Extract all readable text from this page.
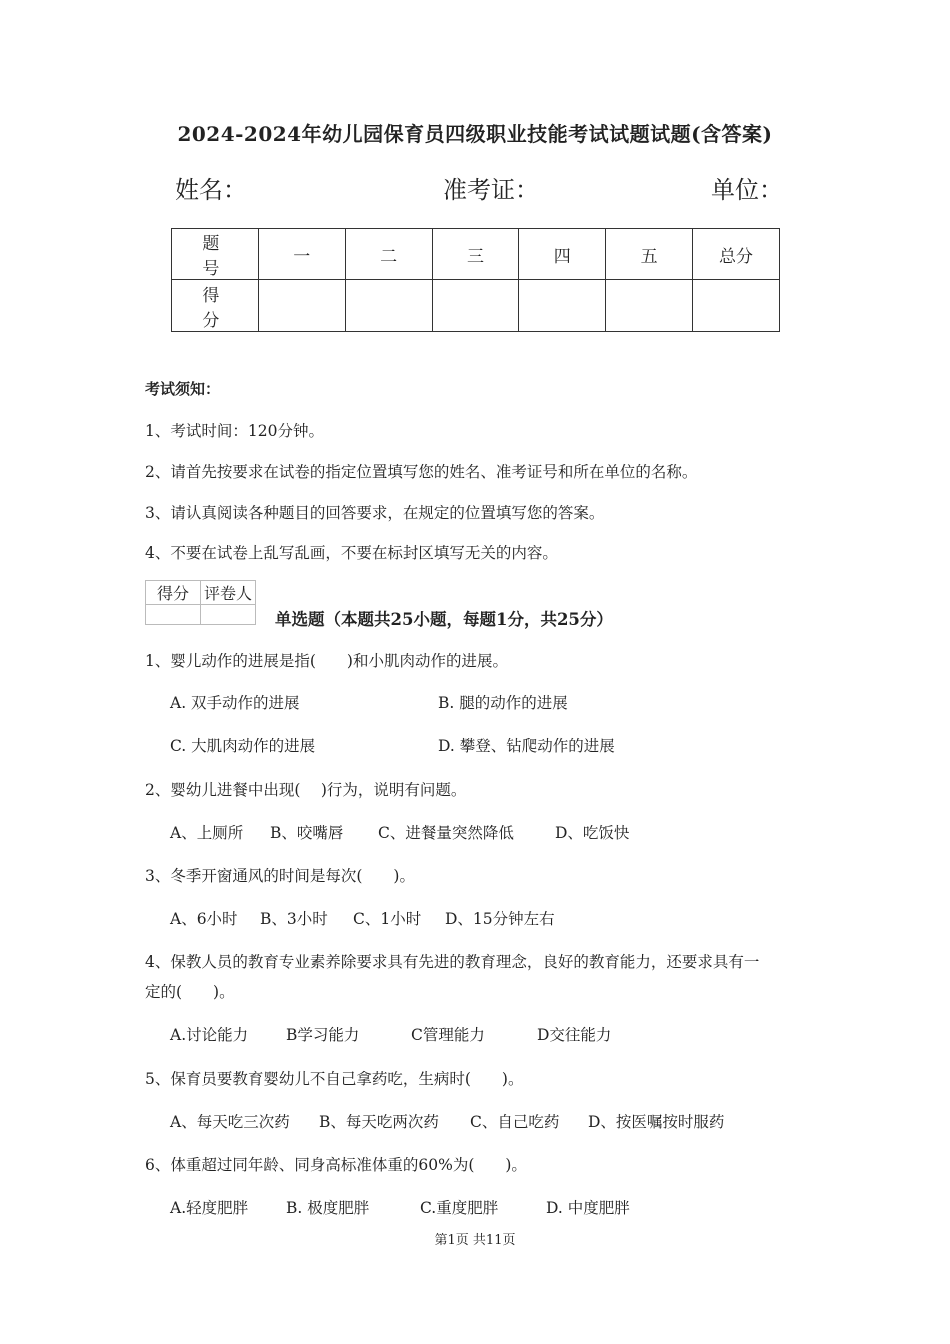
2024-2024年幼儿园保育员四级职业技能考试试题试题(含答案)
姓名：	准考证：	单位：
题 号	一	二	三	四	五	总分
得 分						
考试须知：
1、考试时间：120分钟。
2、请首先按要求在试卷的指定位置填写您的姓名、准考证号和所在单位的名称。
3、请认真阅读各种题目的回答要求，在规定的位置填写您的答案。
4、不要在试卷上乱写乱画，不要在标封区填写无关的内容。
得分	评卷人

单选题（本题共25小题，每题1分，共25分）
1、婴儿动作的进展是指(　　)和小肌肉动作的进展。
A. 双手动作的进展	B. 腿的动作的进展
C. 大肌肉动作的进展	D. 攀登、钻爬动作的进展
2、婴幼儿进餐中出现(　 )行为，说明有问题。
A、上厕所 B、咬嘴唇 C、进餐量突然降低	D、吃饭快
3、冬季开窗通风的时间是每次(　　)。
A、6小时 B、3小时 C、1小时 D、15分钟左右
4、保教人员的教育专业素养除要求具有先进的教育理念，良好的教育能力，还要求具有一
定的(　　)。
A.讨论能力 B学习能力	C管理能力	D交往能力
5、保育员要教育婴幼儿不自己拿药吃，生病时(　　)。
A、每天吃三次药 B、每天吃两次药 C、自己吃药 D、按医嘱按时服药
6、体重超过同年龄、同身高标准体重的60%为(　　)。
A.轻度肥胖 B. 极度肥胖	C.重度肥胖	D. 中度肥胖
第1页 共11页
